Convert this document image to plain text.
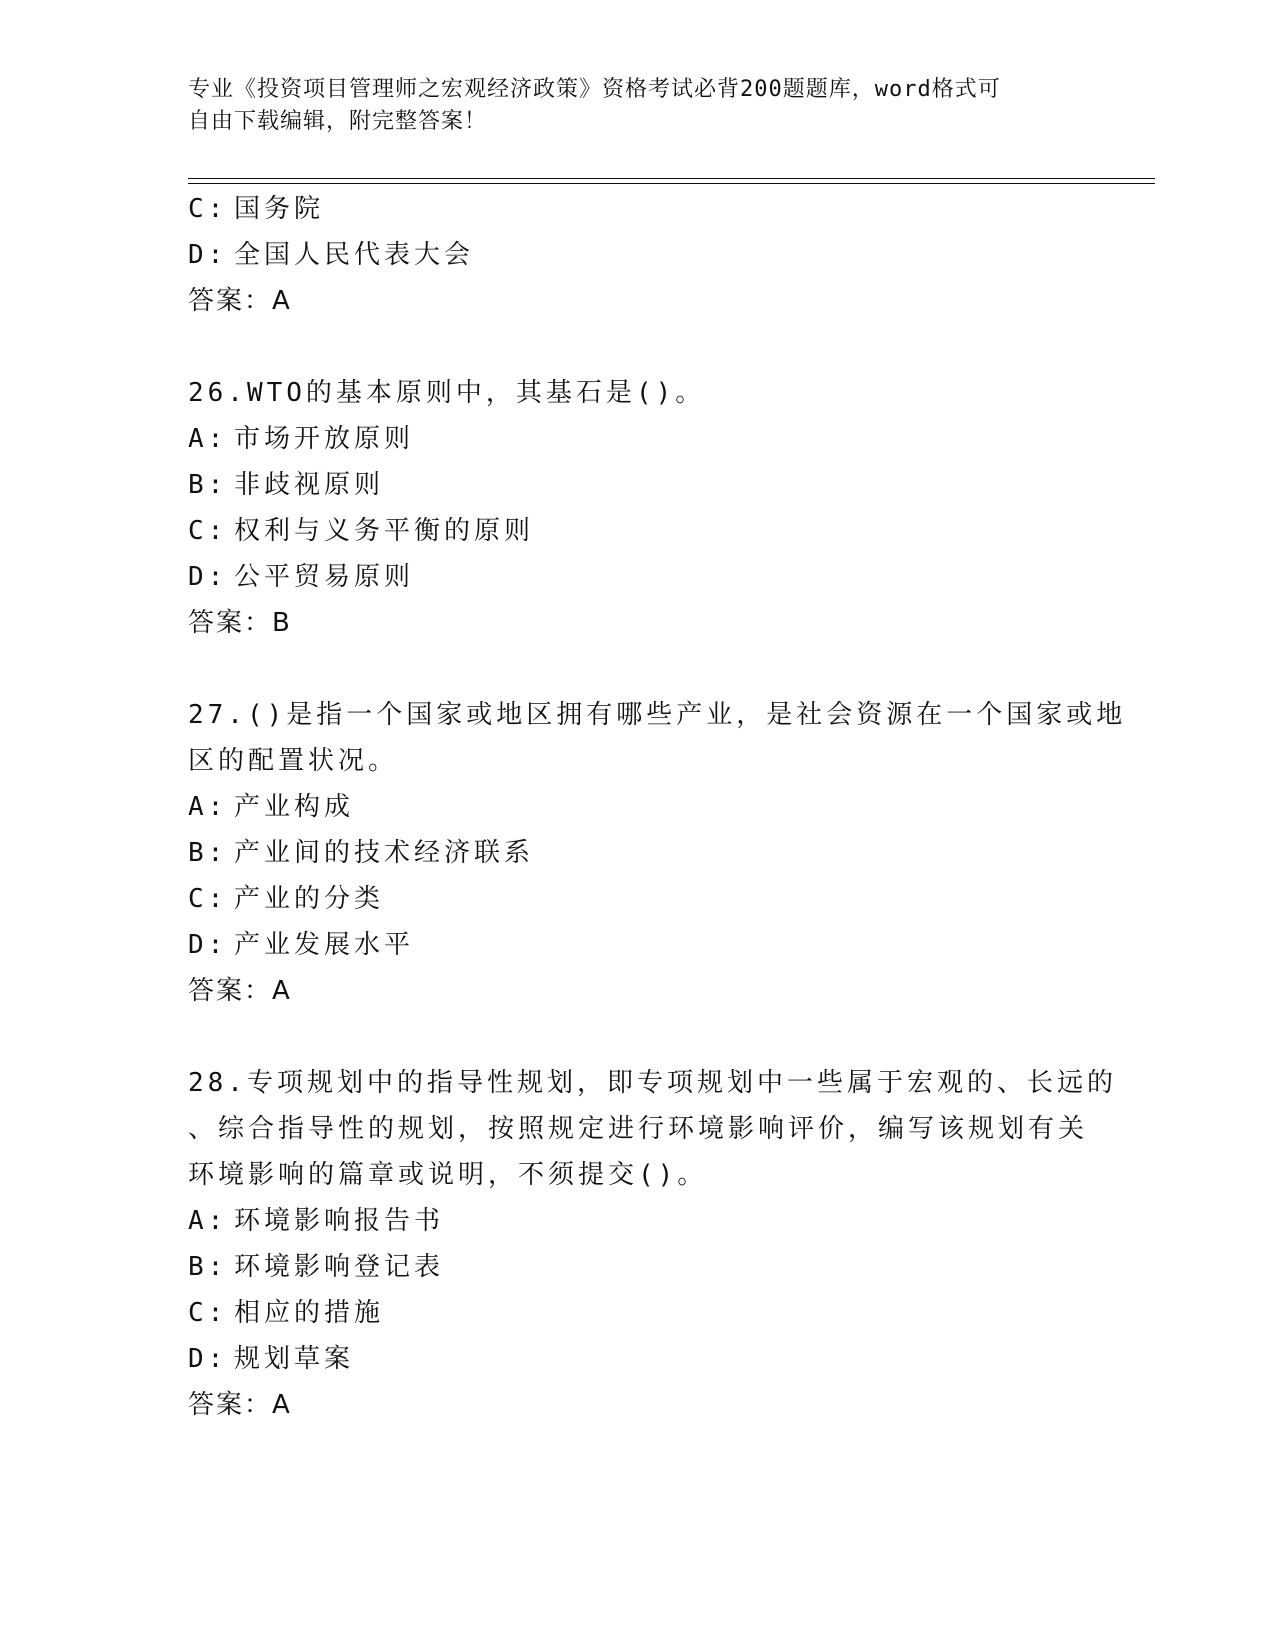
专业《投资项目管理师之宏观经济政策》资格考试必背200题题库，word格式可
自由下载编辑，附完整答案！
C: 国务院
D: 全国人民代表大会
答案：A
26.WTO的基本原则中，其基石是()。
A: 市场开放原则
B: 非歧视原则
C: 权利与义务平衡的原则
D: 公平贸易原则
答案：B
27.()是指一个国家或地区拥有哪些产业，是社会资源在一个国家或地
区的配置状况。
A: 产业构成
B: 产业间的技术经济联系
C: 产业的分类
D: 产业发展水平
答案：A
28.专项规划中的指导性规划，即专项规划中一些属于宏观的、长远的
、综合指导性的规划，按照规定进行环境影响评价，编写该规划有关
环境影响的篇章或说明，不须提交()。
A: 环境影响报告书
B: 环境影响登记表
C: 相应的措施
D: 规划草案
答案：A
